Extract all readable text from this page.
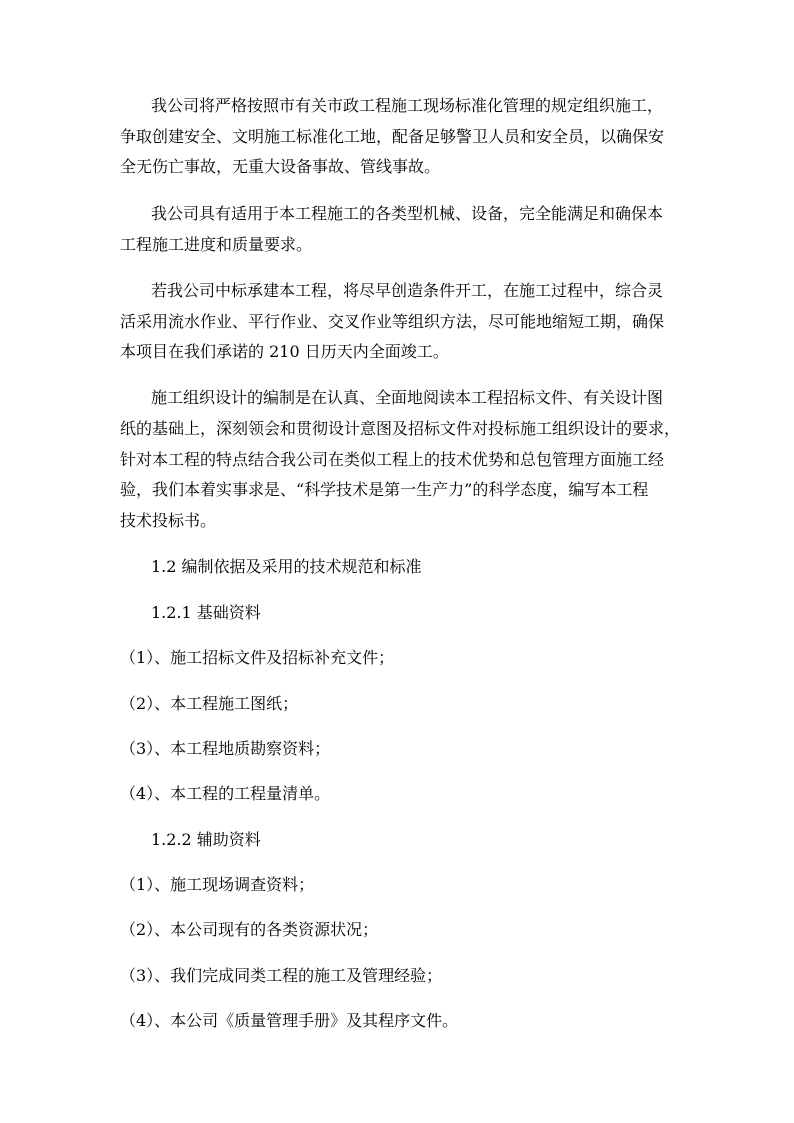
我公司将严格按照市有关市政工程施工现场标准化管理的规定组织施工，
争取创建安全、文明施工标准化工地，配备足够警卫人员和安全员，以确保安
全无伤亡事故，无重大设备事故、管线事故。
我公司具有适用于本工程施工的各类型机械、设备，完全能满足和确保本
工程施工进度和质量要求。
若我公司中标承建本工程，将尽早创造条件开工，在施工过程中，综合灵
活采用流水作业、平行作业、交叉作业等组织方法，尽可能地缩短工期，确保
本项目在我们承诺的 210 日历天内全面竣工。
施工组织设计的编制是在认真、全面地阅读本工程招标文件、有关设计图
纸的基础上，深刻领会和贯彻设计意图及招标文件对投标施工组织设计的要求，
针对本工程的特点结合我公司在类似工程上的技术优势和总包管理方面施工经
验，我们本着实事求是、“科学技术是第一生产力”的科学态度，编写本工程
技术投标书。
1.2 编制依据及采用的技术规范和标准
1.2.1 基础资料
（1）、施工招标文件及招标补充文件；
（2）、本工程施工图纸；
（3）、本工程地质勘察资料；
（4）、本工程的工程量清单。
1.2.2 辅助资料
（1）、施工现场调查资料；
（2）、本公司现有的各类资源状况；
（3）、我们完成同类工程的施工及管理经验；
（4）、本公司《质量管理手册》及其程序文件。
